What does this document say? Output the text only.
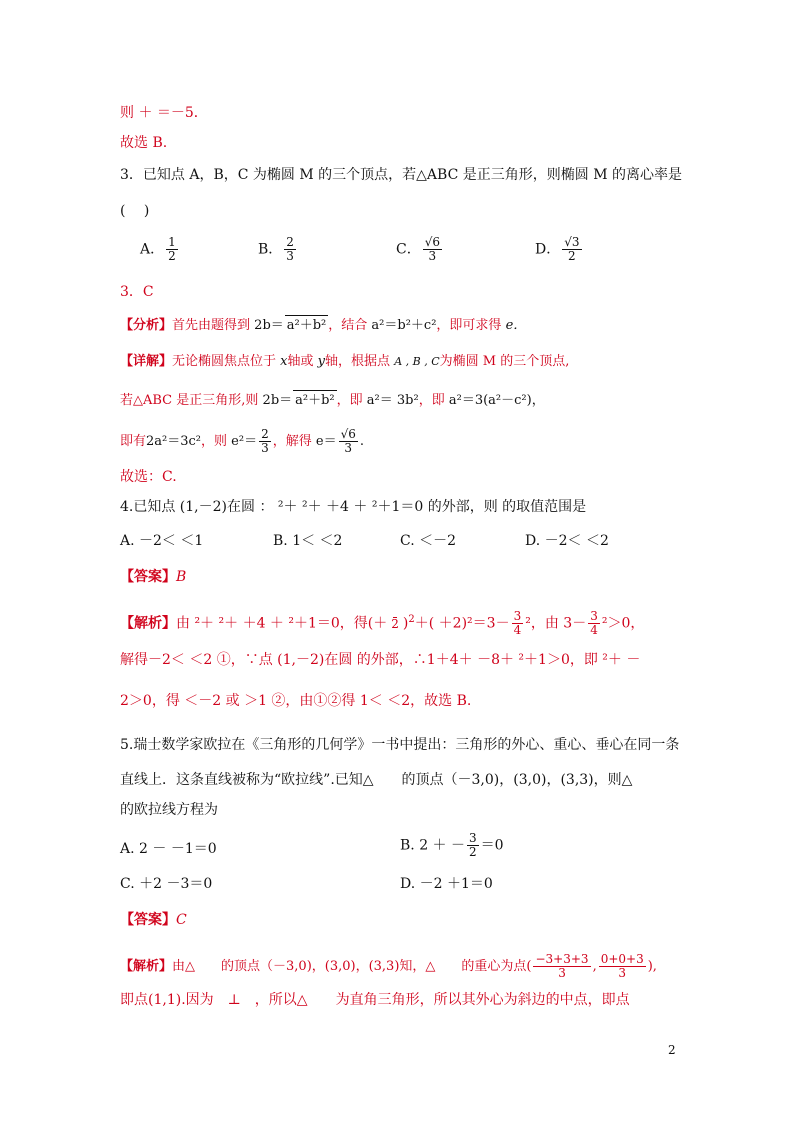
则 ＋ ＝－5．
故选 B.
3．已知点 A，B，C 为椭圆 M 的三个顶点，若△ABC 是正三角形，则椭圆 M 的离心率是
(　 )
A． $\frac{1}{2}$	B． $\frac{2}{3}$	C． $\frac{√6}{3}$	D． $\frac{√3}{2}$
3．C
【分析】首先由题得到 2b＝ a²＋b² ，结合 a²＝b²＋c²，即可求得 e．
【详解】无论椭圆焦点位于 x轴或 y轴，根据点 A , B , C为椭圆 M 的三个顶点,
若△ABC 是正三角形,则 2b＝ a²＋b² ，即 a²＝ 3b²，即 a²＝3(a²－c²)，
即有2a²＝3c²，则 $e^2= \frac{2}{3}$ ，解得 $e= \frac{√6}{3}$ .
故选：C.
4.已知点 (1,－2)在圆 ： ²＋ ²＋ ＋4 ＋ ²＋1＝0 的外部，则 的取值范围是
A. －2＜ ＜1	B. 1＜ ＜2	C. ＜－2	D. －2＜ ＜2
【答案】B
【解析】由 ²＋ ²＋ ＋4 ＋ ²＋1＝0，得(＋ 2 )$^2+( +2)^2=3- \frac{3}{4} ^2$，由 $3- \frac{3}{4} ^2>0$，
解得－2＜ ＜2 ①，∵点 (1,－2)在圆 的外部，∴1＋4＋ －8＋ ²＋1＞0，即 ²＋ －
2＞0，得 ＜－2 或 ＞1 ②，由①②得 1＜ ＜2，故选 B.
5.瑞士数学家欧拉在《三角形的几何学》一书中提出：三角形的外心、重心、垂心在同一条
直线上．这条直线被称为“欧拉线”.已知△　　的顶点（－3,0)，(3,0)，(3,3)，则△
的欧拉线方程为
A. 2 － －1＝0	B. 2 ＋ － $\frac{3}{2} =0$
C. ＋2 －3＝0	D. －2 ＋1＝0
【答案】C
【解析】由△　　的顶点（－3,0)，(3,0)，(3,3)知，△　　的重心为点( $\frac{-3+3+3}{3}$ , $\frac{0+0+3}{3}$ ),
即点(1,1).因为　⊥　，所以△　　为直角三角形，所以其外心为斜边的中点，即点
2
